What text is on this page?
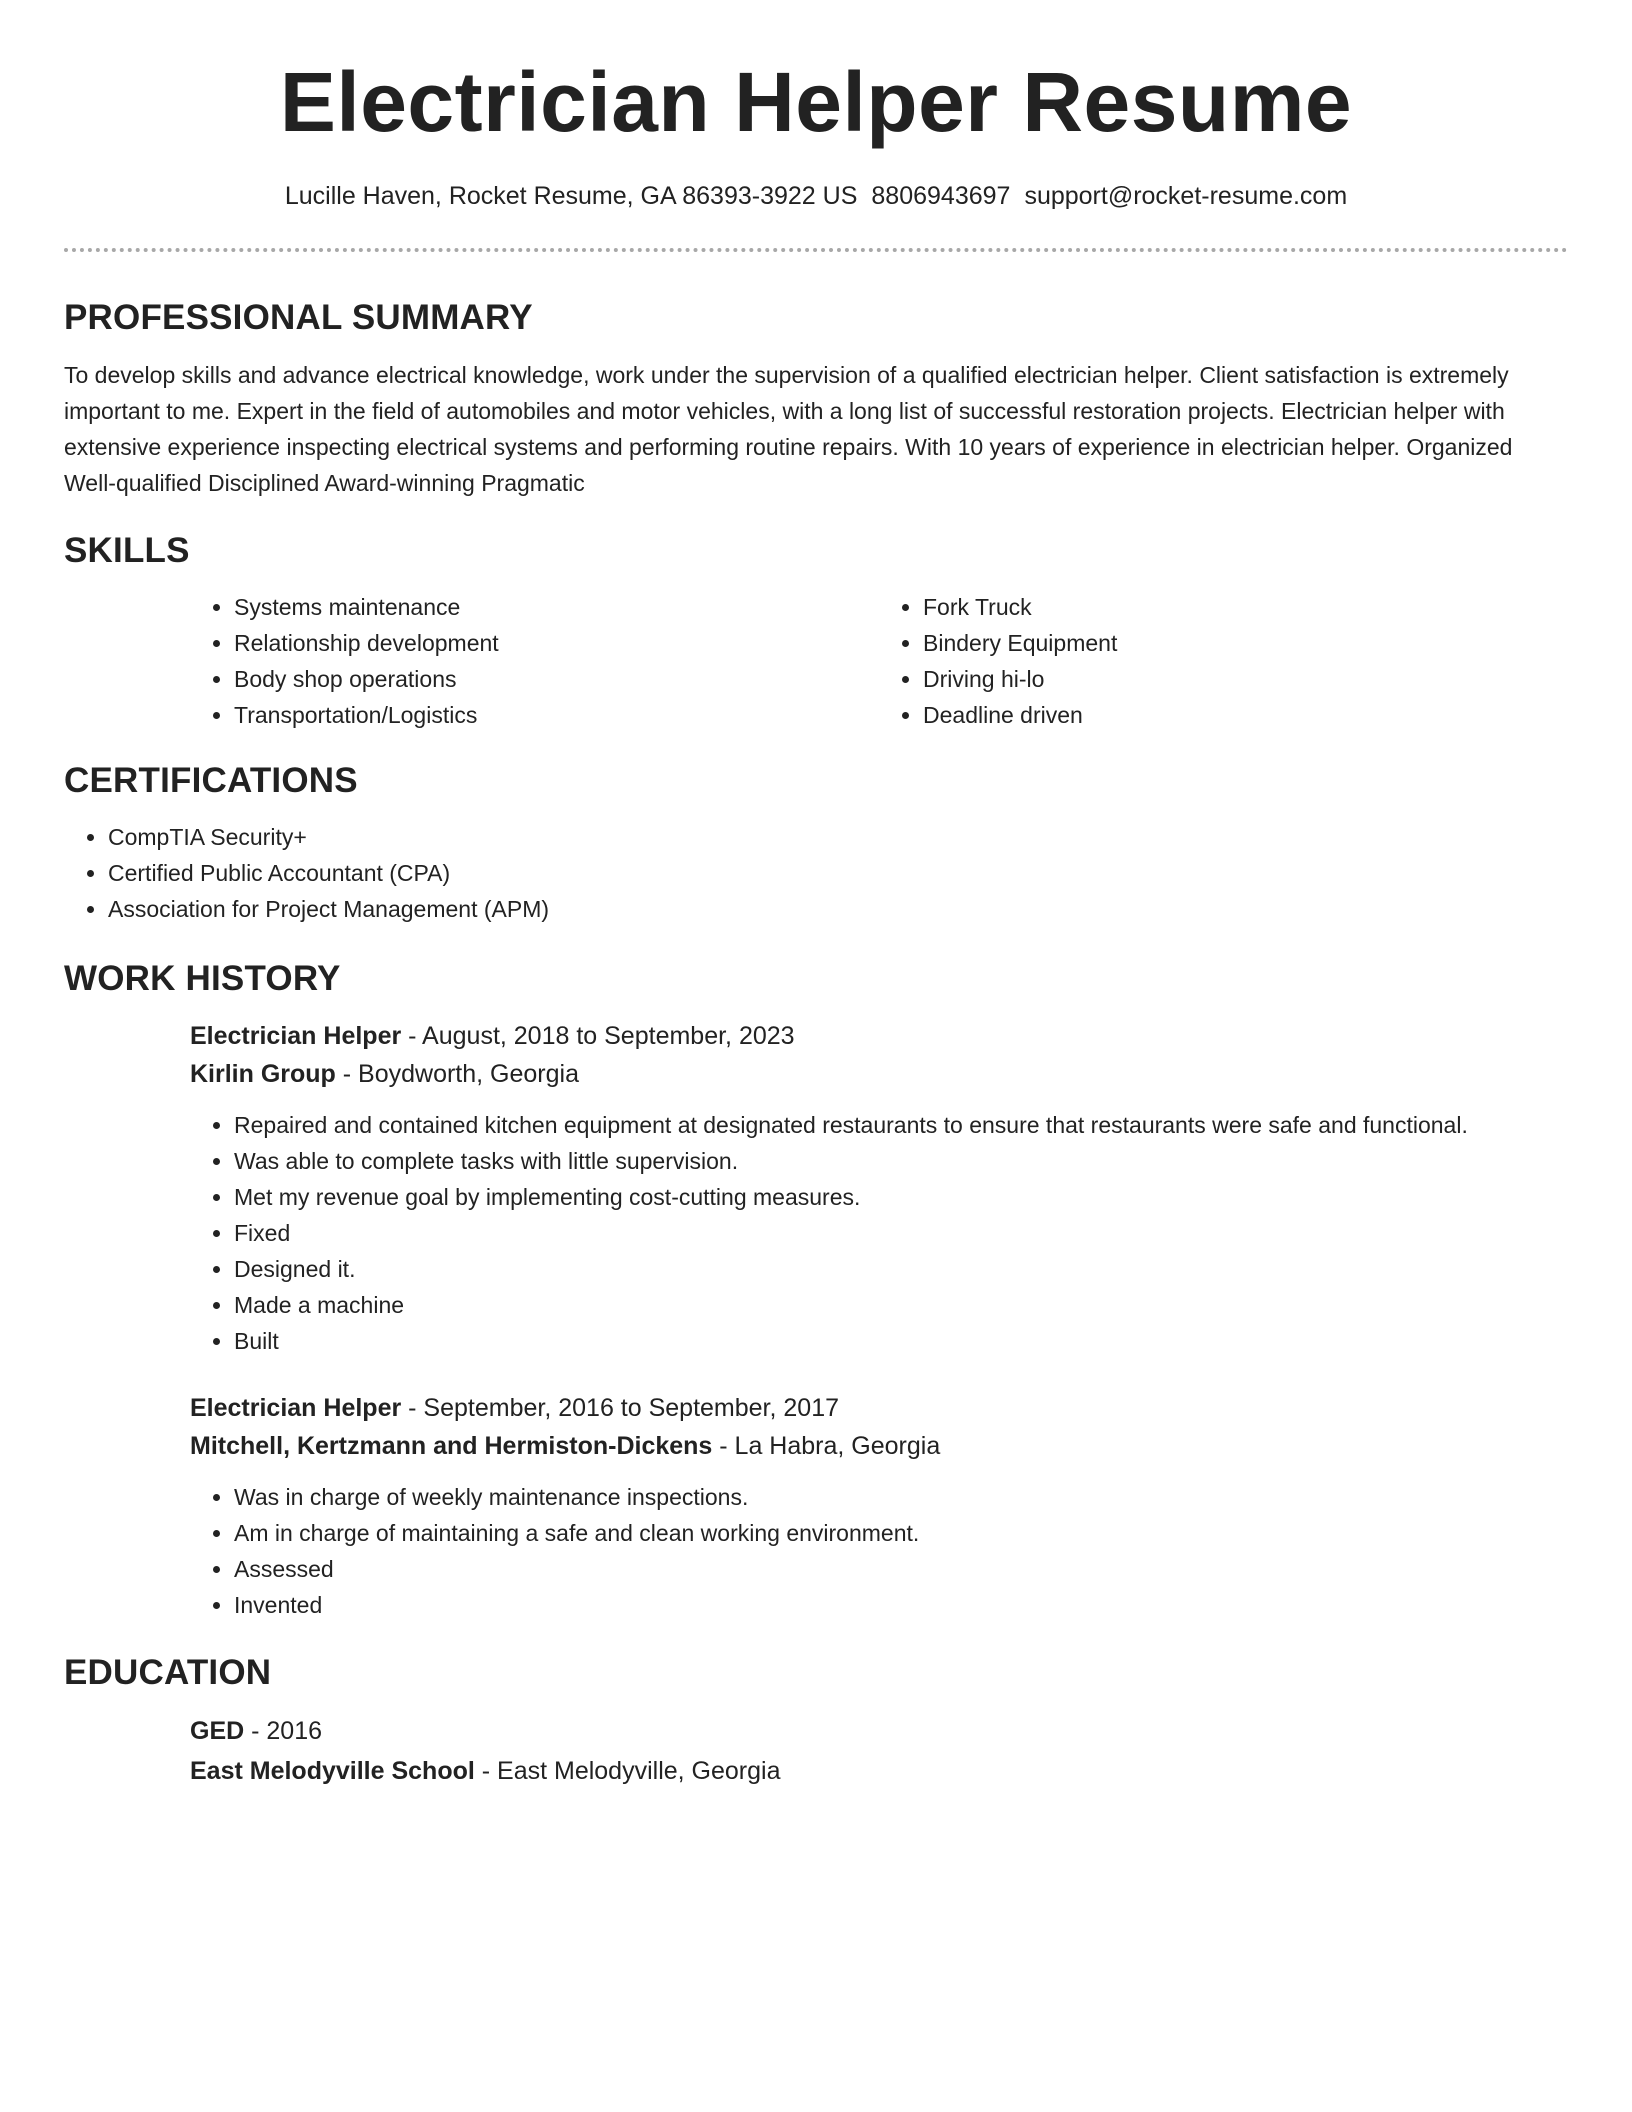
Electrician Helper Resume
Lucille Haven, Rocket Resume, GA 86393-3922 US 8806943697 support@rocket-resume.com
PROFESSIONAL SUMMARY

To develop skills and advance electrical knowledge, work under the supervision of a qualified electrician helper. Client satisfaction is extremely important to me. Expert in the field of automobiles and motor vehicles, with a long list of successful restoration projects. Electrician helper with extensive experience inspecting electrical systems and performing routine repairs. With 10 years of experience in electrician helper. Organized Well-qualified Disciplined Award-winning Pragmatic

SKILLS
• Systems maintenance
• Relationship development
• Body shop operations
• Transportation/Logistics
• Fork Truck
• Bindery Equipment
• Driving hi-lo
• Deadline driven
CERTIFICATIONS
• CompTIA Security+
• Certified Public Accountant (CPA)
• Association for Project Management (APM)
WORK HISTORY

Electrician Helper - August, 2018 to September, 2023

Kirlin Group - Boydworth, Georgia

• Repaired and contained kitchen equipment at designated restaurants to ensure that restaurants were safe and functional.
• Was able to complete tasks with little supervision.
• Met my revenue goal by implementing cost-cutting measures.
• Fixed
• Designed it.
• Made a machine
• Built

Electrician Helper - September, 2016 to September, 2017

Mitchell, Kertzmann and Hermiston-Dickens - La Habra, Georgia

• Was in charge of weekly maintenance inspections.
• Am in charge of maintaining a safe and clean working environment.
• Assessed
• Invented
EDUCATION

GED - 2016

East Melodyville School - East Melodyville, Georgia
